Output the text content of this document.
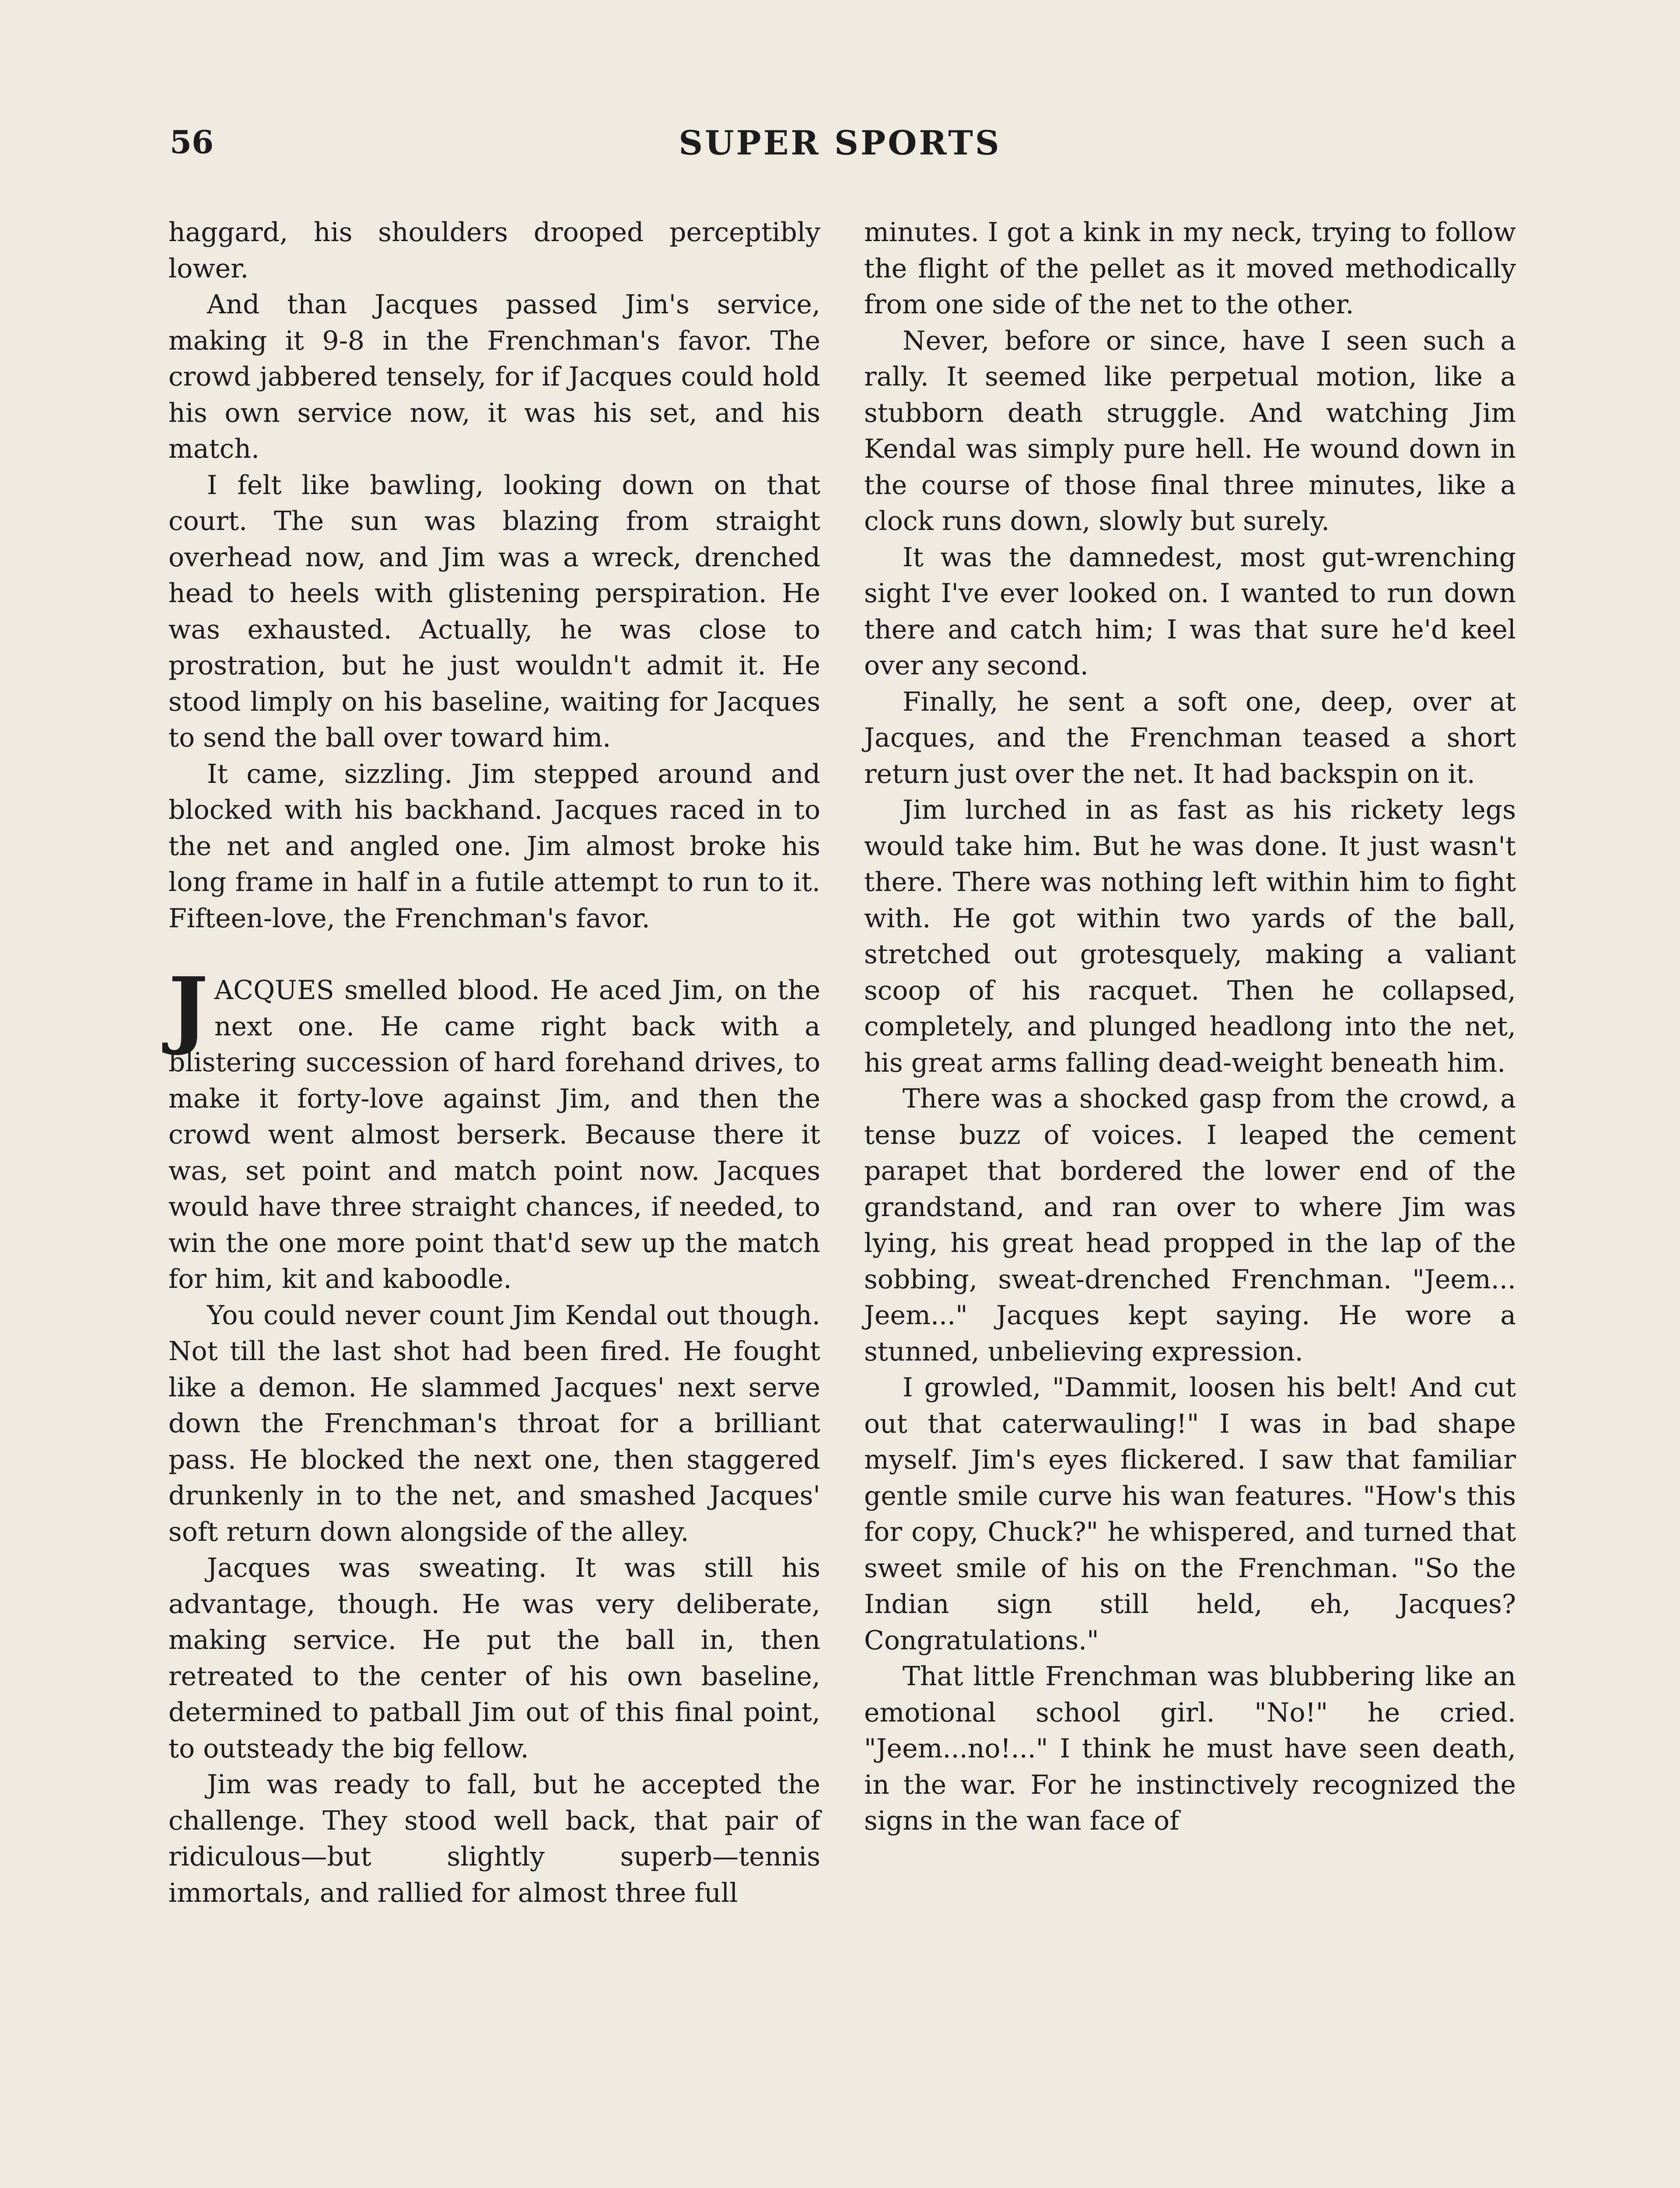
56	SUPER SPORTS

haggard, his shoulders drooped perceptibly lower.

And than Jacques passed Jim's service, making it 9-8 in the Frenchman's favor. The crowd jabbered tensely, for if Jacques could hold his own service now, it was his set, and his match.

I felt like bawling, looking down on that court. The sun was blazing from straight overhead now, and Jim was a wreck, drenched head to heels with glistening perspiration. He was exhausted. Actually, he was close to prostration, but he just wouldn't admit it. He stood limply on his baseline, waiting for Jacques to send the ball over toward him.

It came, sizzling. Jim stepped around and blocked with his backhand. Jacques raced in to the net and angled one. Jim almost broke his long frame in half in a futile attempt to run to it. Fifteen-love, the Frenchman's favor.

JACQUES smelled blood. He aced Jim, on the next one. He came right back with a blistering succession of hard forehand drives, to make it forty-love against Jim, and then the crowd went almost berserk. Because there it was, set point and match point now. Jacques would have three straight chances, if needed, to win the one more point that'd sew up the match for him, kit and kaboodle.

You could never count Jim Kendal out though. Not till the last shot had been fired. He fought like a demon. He slammed Jacques' next serve down the Frenchman's throat for a brilliant pass. He blocked the next one, then staggered drunkenly in to the net, and smashed Jacques' soft return down alongside of the alley.

Jacques was sweating. It was still his advantage, though. He was very deliberate, making service. He put the ball in, then retreated to the center of his own baseline, determined to patball Jim out of this final point, to outsteady the big fellow.

Jim was ready to fall, but he accepted the challenge. They stood well back, that pair of ridiculous—but slightly superb—tennis immortals, and rallied for almost three full

minutes. I got a kink in my neck, trying to follow the flight of the pellet as it moved methodically from one side of the net to the other.

Never, before or since, have I seen such a rally. It seemed like perpetual motion, like a stubborn death struggle. And watching Jim Kendal was simply pure hell. He wound down in the course of those final three minutes, like a clock runs down, slowly but surely.

It was the damnedest, most gut-wrenching sight I've ever looked on. I wanted to run down there and catch him; I was that sure he'd keel over any second.

Finally, he sent a soft one, deep, over at Jacques, and the Frenchman teased a short return just over the net. It had backspin on it.

Jim lurched in as fast as his rickety legs would take him. But he was done. It just wasn't there. There was nothing left within him to fight with. He got within two yards of the ball, stretched out grotesquely, making a valiant scoop of his racquet. Then he collapsed, completely, and plunged headlong into the net, his great arms falling dead-weight beneath him.

There was a shocked gasp from the crowd, a tense buzz of voices. I leaped the cement parapet that bordered the lower end of the grandstand, and ran over to where Jim was lying, his great head propped in the lap of the sobbing, sweat-drenched Frenchman. "Jeem... Jeem..." Jacques kept saying. He wore a stunned, unbelieving expression.

I growled, "Dammit, loosen his belt! And cut out that caterwauling!" I was in bad shape myself. Jim's eyes flickered. I saw that familiar gentle smile curve his wan features. "How's this for copy, Chuck?" he whispered, and turned that sweet smile of his on the Frenchman. "So the Indian sign still held, eh, Jacques? Congratulations."

That little Frenchman was blubbering like an emotional school girl. "No!" he cried. "Jeem...no!..." I think he must have seen death, in the war. For he instinctively recognized the signs in the wan face of
